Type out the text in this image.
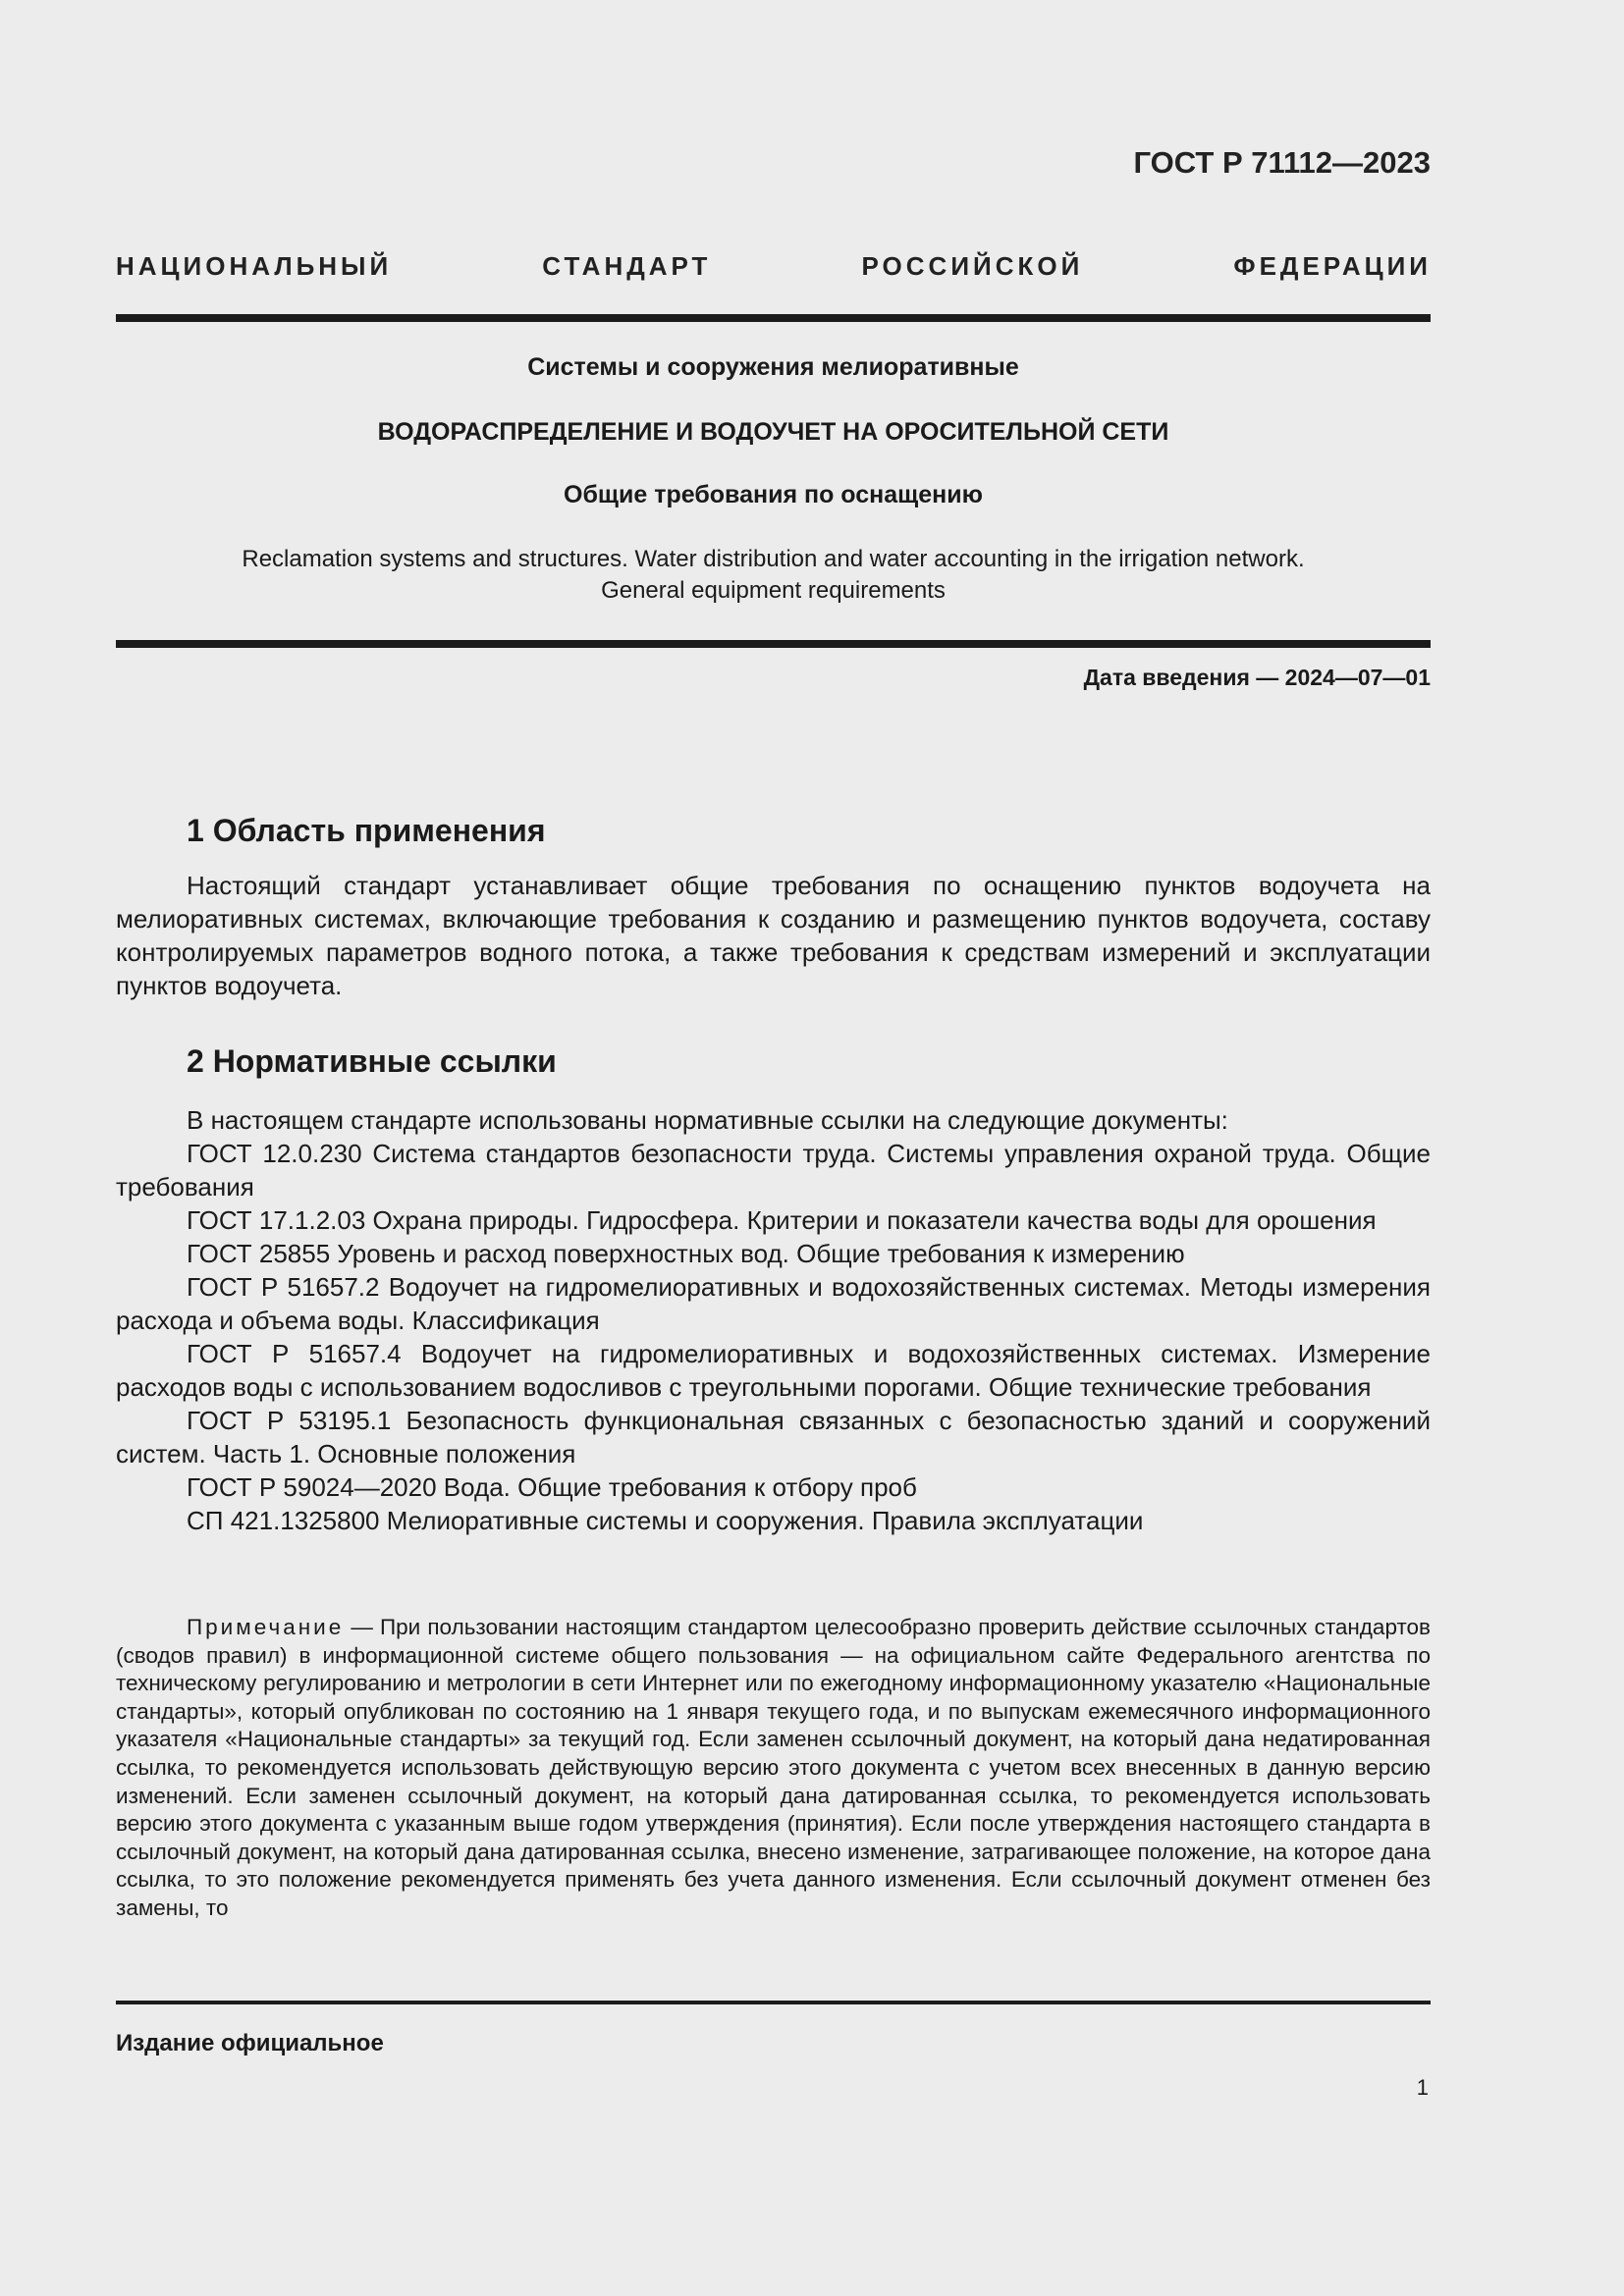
ГОСТ Р 71112—2023
НАЦИОНАЛЬНЫЙ СТАНДАРТ РОССИЙСКОЙ ФЕДЕРАЦИИ
Системы и сооружения мелиоративные
ВОДОРАСПРЕДЕЛЕНИЕ И ВОДОУЧЕТ НА ОРОСИТЕЛЬНОЙ СЕТИ
Общие требования по оснащению
Reclamation systems and structures. Water distribution and water accounting in the irrigation network.
General equipment requirements
Дата введения — 2024—07—01
1 Область применения

Настоящий стандарт устанавливает общие требования по оснащению пунктов водоучета на мелиоративных системах, включающие требования к созданию и размещению пунктов водоучета, составу контролируемых параметров водного потока, а также требования к средствам измерений и эксплуатации пунктов водоучета.

2 Нормативные ссылки

В настоящем стандарте использованы нормативные ссылки на следующие документы:

ГОСТ 12.0.230 Система стандартов безопасности труда. Системы управления охраной труда. Общие требования

ГОСТ 17.1.2.03 Охрана природы. Гидросфера. Критерии и показатели качества воды для орошения

ГОСТ 25855 Уровень и расход поверхностных вод. Общие требования к измерению

ГОСТ Р 51657.2 Водоучет на гидромелиоративных и водохозяйственных системах. Методы измерения расхода и объема воды. Классификация

ГОСТ Р 51657.4 Водоучет на гидромелиоративных и водохозяйственных системах. Измерение расходов воды с использованием водосливов с треугольными порогами. Общие технические требования

ГОСТ Р 53195.1 Безопасность функциональная связанных с безопасностью зданий и сооружений систем. Часть 1. Основные положения

ГОСТ Р 59024—2020 Вода. Общие требования к отбору проб

СП 421.1325800 Мелиоративные системы и сооружения. Правила эксплуатации

Примечание — При пользовании настоящим стандартом целесообразно проверить действие ссылочных стандартов (сводов правил) в информационной системе общего пользования — на официальном сайте Федерального агентства по техническому регулированию и метрологии в сети Интернет или по ежегодному информационному указателю «Национальные стандарты», который опубликован по состоянию на 1 января текущего года, и по выпускам ежемесячного информационного указателя «Национальные стандарты» за текущий год. Если заменен ссылочный документ, на который дана недатированная ссылка, то рекомендуется использовать действующую версию этого документа с учетом всех внесенных в данную версию изменений. Если заменен ссылочный документ, на который дана датированная ссылка, то рекомендуется использовать версию этого документа с указанным выше годом утверждения (принятия). Если после утверждения настоящего стандарта в ссылочный документ, на который дана датированная ссылка, внесено изменение, затрагивающее положение, на которое дана ссылка, то это положение рекомендуется применять без учета данного изменения. Если ссылочный документ отменен без замены, то
Издание официальное
1
